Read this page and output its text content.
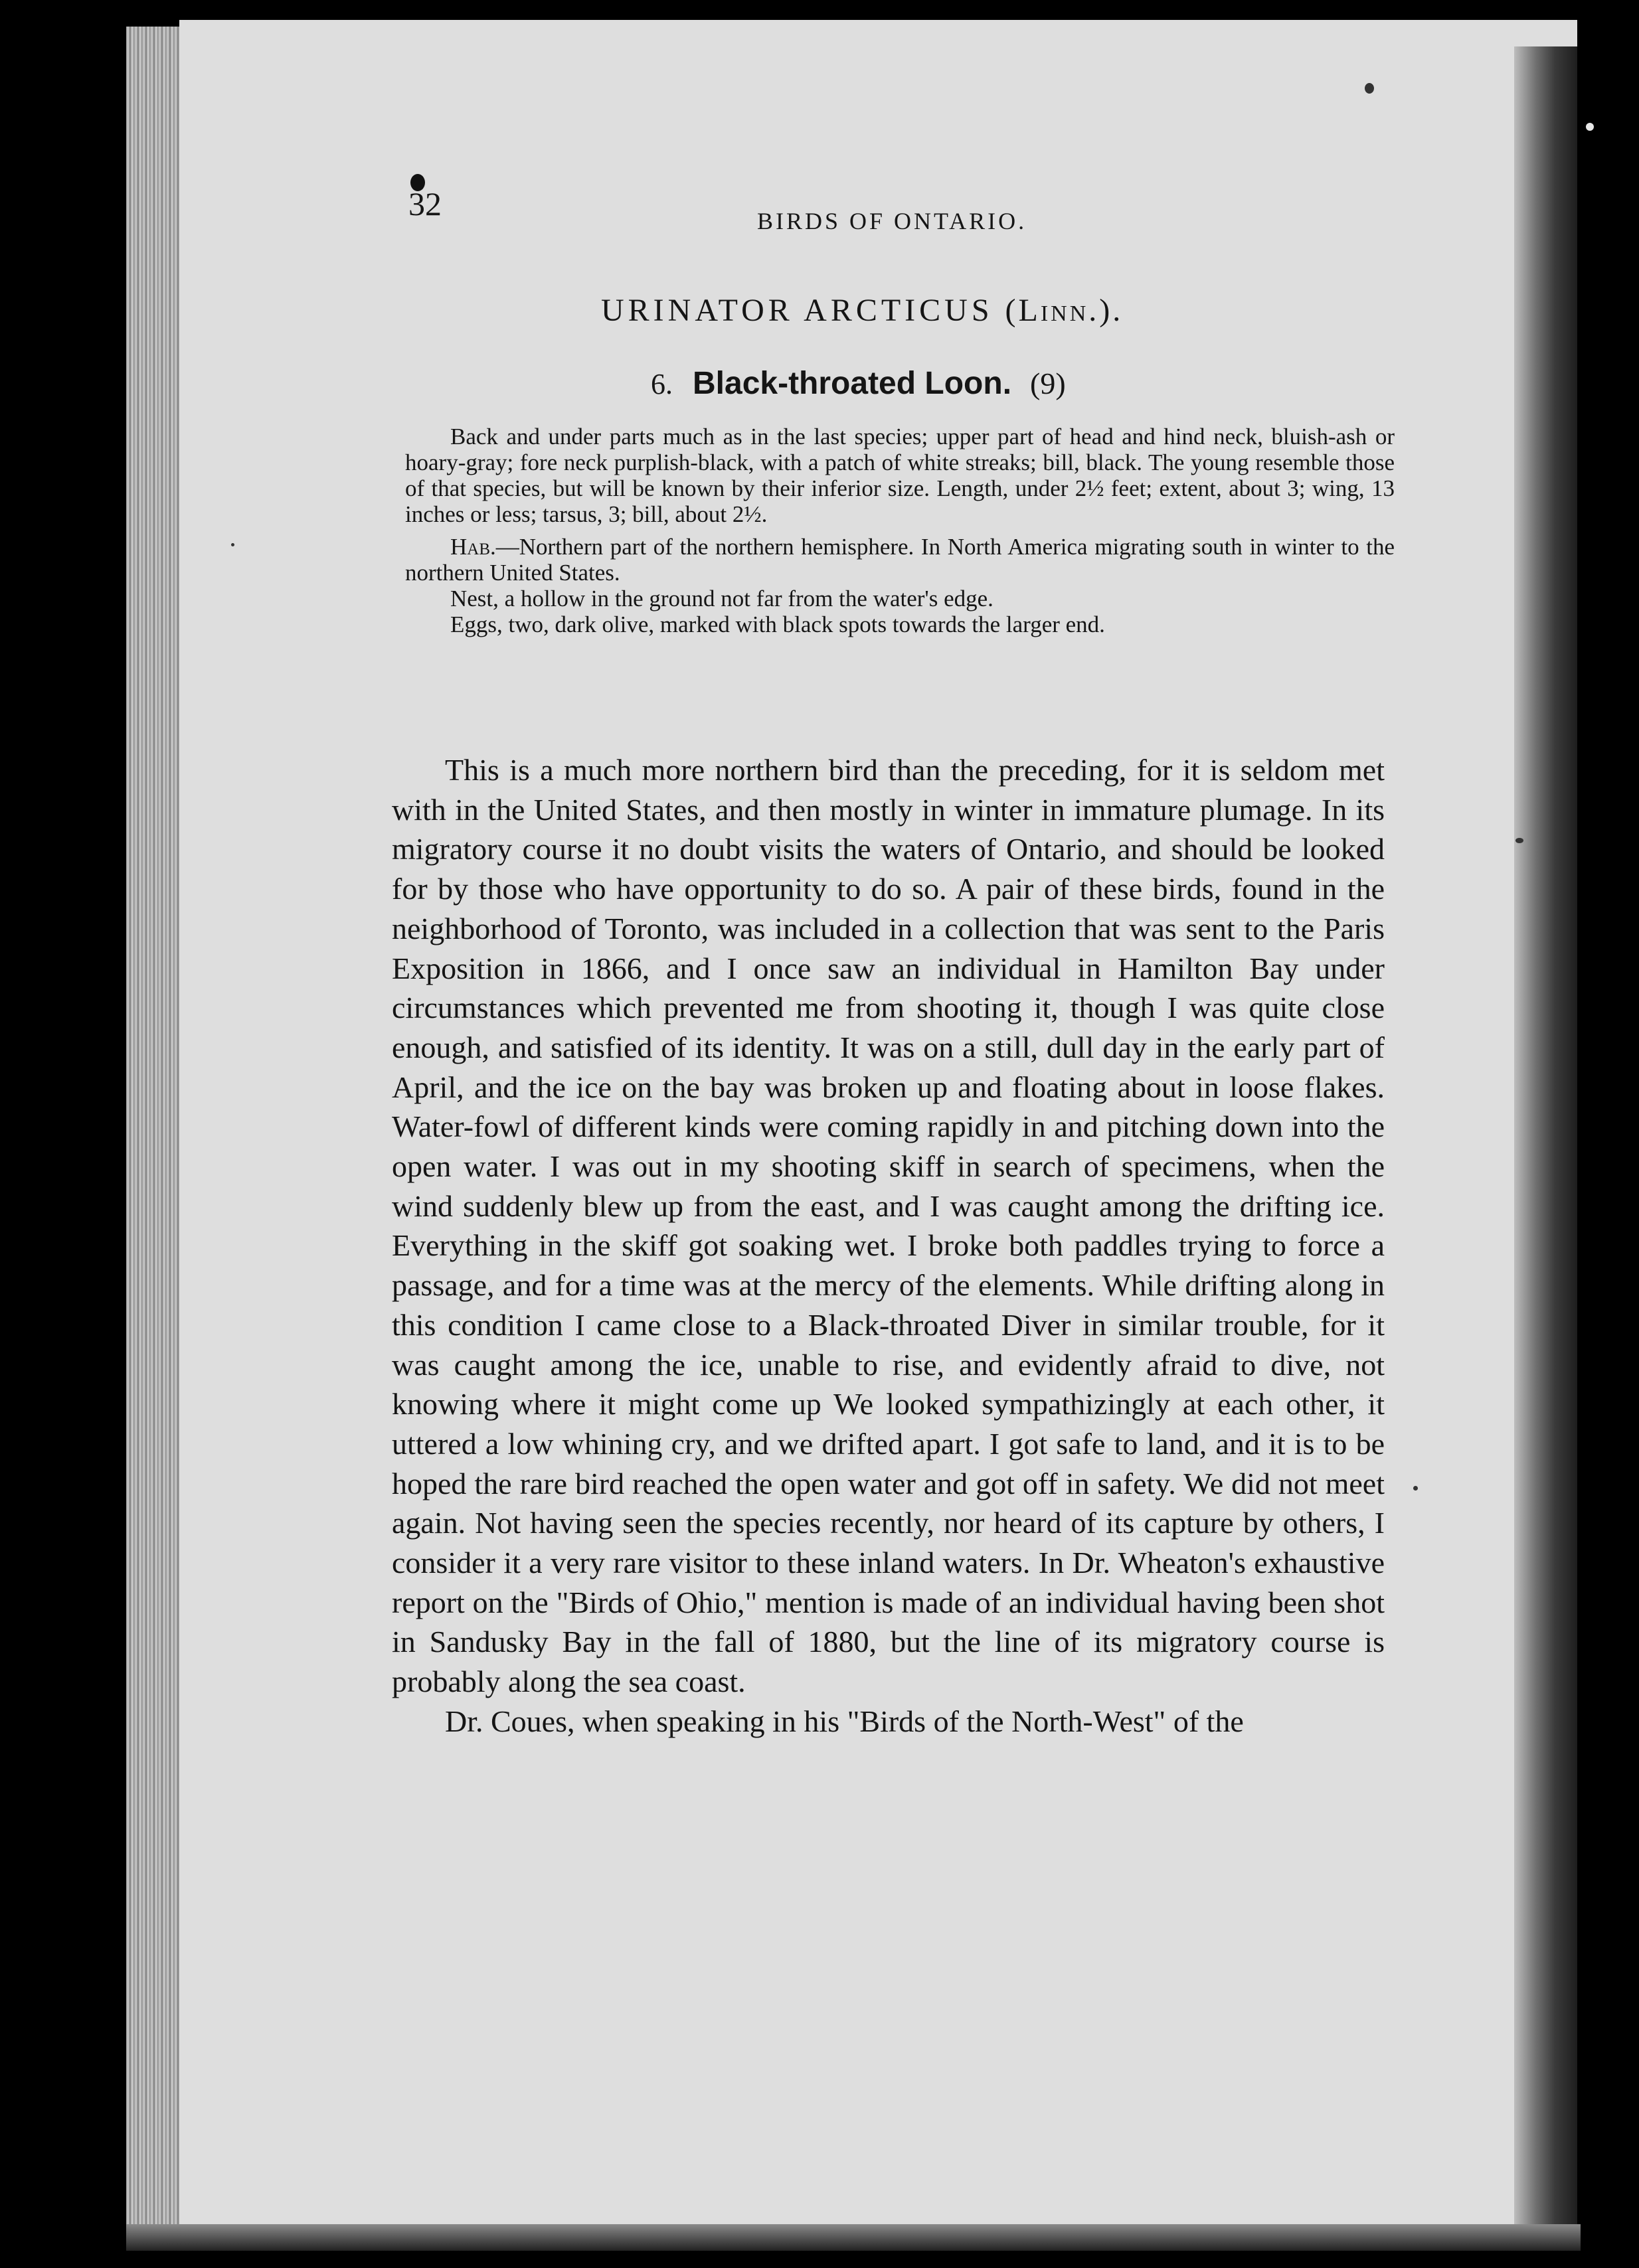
32	BIRDS OF ONTARIO.
URINATOR ARCTICUS (Linn.).
6. Black-throated Loon. (9)

Back and under parts much as in the last species; upper part of head and hind neck, bluish-ash or hoary-gray; fore neck purplish-black, with a patch of white streaks; bill, black. The young resemble those of that species, but will be known by their inferior size. Length, under 2½ feet; extent, about 3; wing, 13 inches or less; tarsus, 3; bill, about 2½.

Hab.—Northern part of the northern hemisphere. In North America migrating south in winter to the northern United States.

Nest, a hollow in the ground not far from the water's edge.

Eggs, two, dark olive, marked with black spots towards the larger end.

This is a much more northern bird than the preceding, for it is seldom met with in the United States, and then mostly in winter in immature plumage. In its migratory course it no doubt visits the waters of Ontario, and should be looked for by those who have opportunity to do so. A pair of these birds, found in the neighborhood of Toronto, was included in a collection that was sent to the Paris Exposition in 1866, and I once saw an individual in Hamilton Bay under circumstances which prevented me from shooting it, though I was quite close enough, and satisfied of its identity. It was on a still, dull day in the early part of April, and the ice on the bay was broken up and floating about in loose flakes. Water-fowl of different kinds were coming rapidly in and pitching down into the open water. I was out in my shooting skiff in search of specimens, when the wind suddenly blew up from the east, and I was caught among the drifting ice. Everything in the skiff got soaking wet. I broke both paddles trying to force a passage, and for a time was at the mercy of the elements. While drifting along in this condition I came close to a Black-throated Diver in similar trouble, for it was caught among the ice, unable to rise, and evidently afraid to dive, not knowing where it might come up We looked sympathizingly at each other, it uttered a low whining cry, and we drifted apart. I got safe to land, and it is to be hoped the rare bird reached the open water and got off in safety. We did not meet again. Not having seen the species recently, nor heard of its capture by others, I consider it a very rare visitor to these inland waters. In Dr. Wheaton's exhaustive report on the "Birds of Ohio," mention is made of an individual having been shot in Sandusky Bay in the fall of 1880, but the line of its migratory course is probably along the sea coast.

Dr. Coues, when speaking in his "Birds of the North-West" of the
